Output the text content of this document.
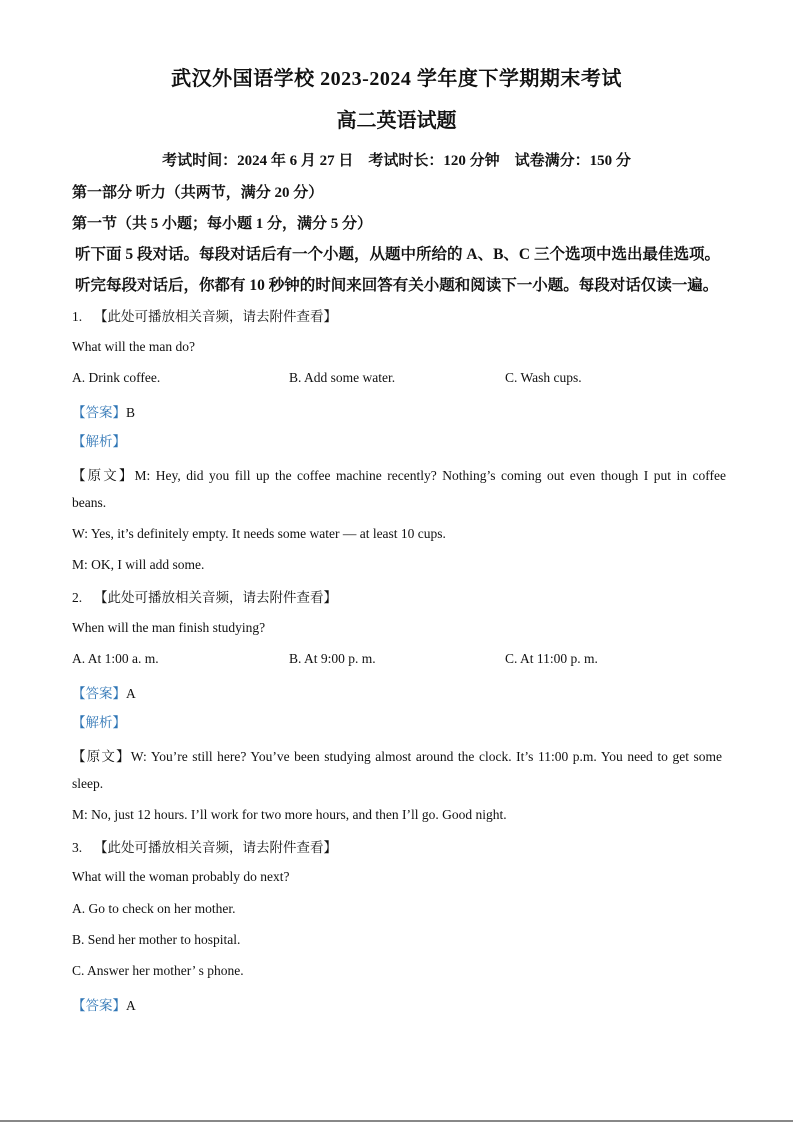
武汉外国语学校 2023-2024 学年度下学期期末考试
高二英语试题
考试时间：2024 年 6 月 27 日　考试时长：120 分钟　试卷满分：150 分
第一部分 听力（共两节，满分 20 分）
第一节（共 5 小题；每小题 1 分，满分 5 分）
听下面 5 段对话。每段对话后有一个小题，从题中所给的 A、B、C 三个选项中选出最佳选项。
听完每段对话后，你都有 10 秒钟的时间来回答有关小题和阅读下一小题。每段对话仅读一遍。
1. 【此处可播放相关音频，请去附件查看】
What will the man do?
A. Drink coffee.	B. Add some water.	C. Wash cups.
【答案】B
【解析】
【原文】M: Hey, did you fill up the coffee machine recently? Nothing’s coming out even though I put in coffee
beans.
W: Yes, it’s definitely empty. It needs some water — at least 10 cups.
M: OK, I will add some.
2. 【此处可播放相关音频，请去附件查看】
When will the man finish studying?
A. At 1:00 a. m.	B. At 9:00 p. m.	C. At 11:00 p. m.
【答案】A
【解析】
【原文】W: You’re still here? You’ve been studying almost around the clock. It’s 11:00 p.m. You need to get some
sleep.
M: No, just 12 hours. I’ll work for two more hours, and then I’ll go. Good night.
3. 【此处可播放相关音频，请去附件查看】
What will the woman probably do next?
A. Go to check on her mother.
B. Send her mother to hospital.
C. Answer her mother’ s phone.
【答案】A
